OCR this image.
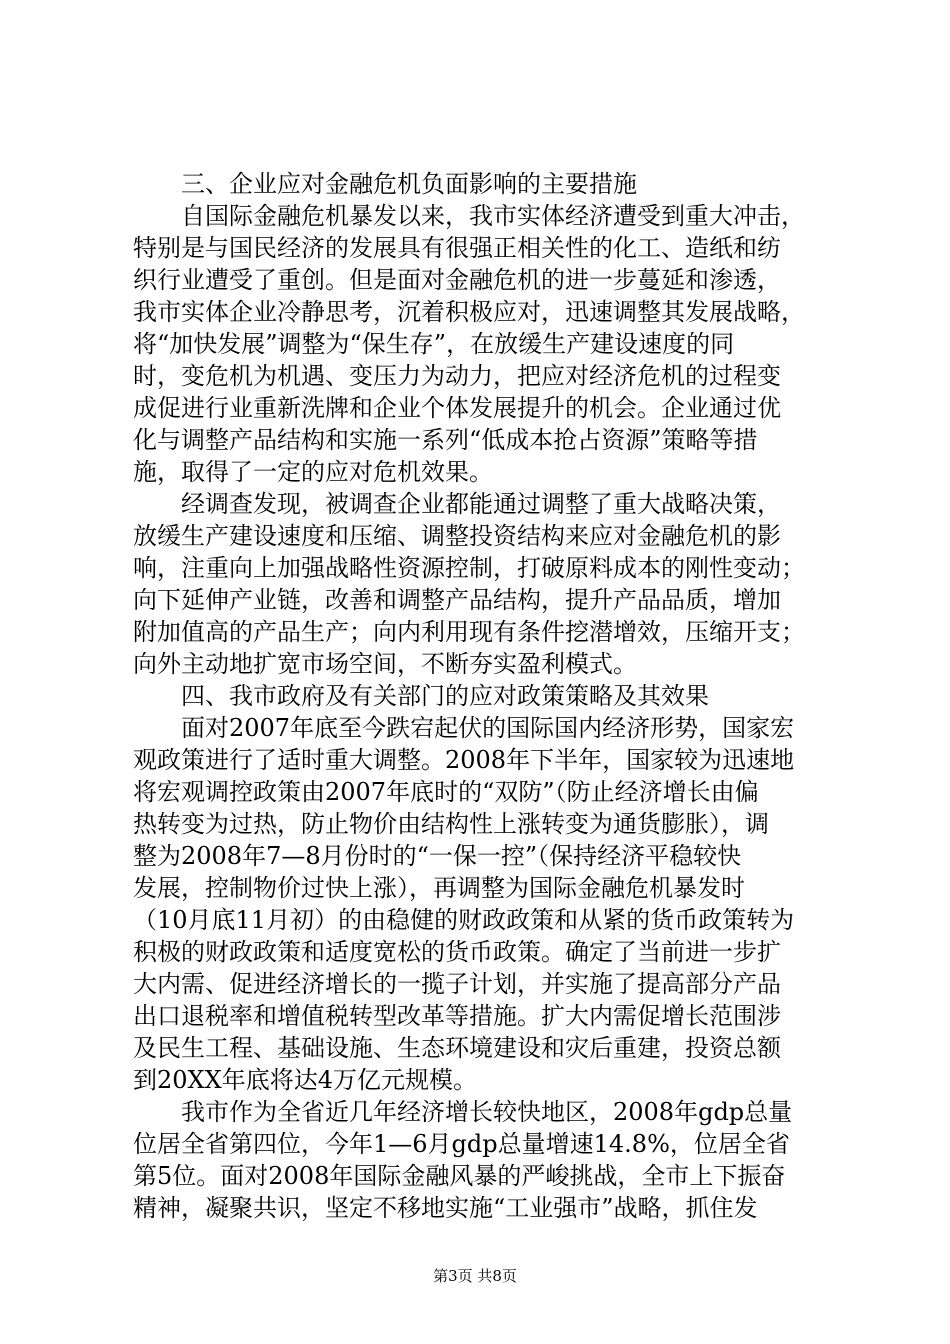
三、企业应对金融危机负面影响的主要措施
自国际金融危机暴发以来，我市实体经济遭受到重大冲击，
特别是与国民经济的发展具有很强正相关性的化工、造纸和纺
织行业遭受了重创。但是面对金融危机的进一步蔓延和渗透，
我市实体企业冷静思考，沉着积极应对，迅速调整其发展战略，
将“加快发展”调整为“保生存”，在放缓生产建设速度的同
时，变危机为机遇、变压力为动力，把应对经济危机的过程变
成促进行业重新洗牌和企业个体发展提升的机会。企业通过优
化与调整产品结构和实施一系列“低成本抢占资源”策略等措
施，取得了一定的应对危机效果。
经调查发现，被调查企业都能通过调整了重大战略决策，
放缓生产建设速度和压缩、调整投资结构来应对金融危机的影
响，注重向上加强战略性资源控制，打破原料成本的刚性变动；
向下延伸产业链，改善和调整产品结构，提升产品品质，增加
附加值高的产品生产；向内利用现有条件挖潜增效，压缩开支；
向外主动地扩宽市场空间，不断夯实盈利模式。
四、我市政府及有关部门的应对政策策略及其效果
面对2007年底至今跌宕起伏的国际国内经济形势，国家宏
观政策进行了适时重大调整。2008年下半年，国家较为迅速地
将宏观调控政策由2007年底时的“双防”（防止经济增长由偏
热转变为过热，防止物价由结构性上涨转变为通货膨胀），调
整为2008年7—8月份时的“一保一控”（保持经济平稳较快
发展，控制物价过快上涨），再调整为国际金融危机暴发时
（10月底11月初）的由稳健的财政政策和从紧的货币政策转为
积极的财政政策和适度宽松的货币政策。确定了当前进一步扩
大内需、促进经济增长的一揽子计划，并实施了提高部分产品
出口退税率和增值税转型改革等措施。扩大内需促增长范围涉
及民生工程、基础设施、生态环境建设和灾后重建，投资总额
到20XX年底将达4万亿元规模。
我市作为全省近几年经济增长较快地区，2008年gdp总量
位居全省第四位，今年1—6月gdp总量增速14.8%，位居全省
第5位。面对2008年国际金融风暴的严峻挑战，全市上下振奋
精神，凝聚共识，坚定不移地实施“工业强市”战略，抓住发
第3页 共8页
